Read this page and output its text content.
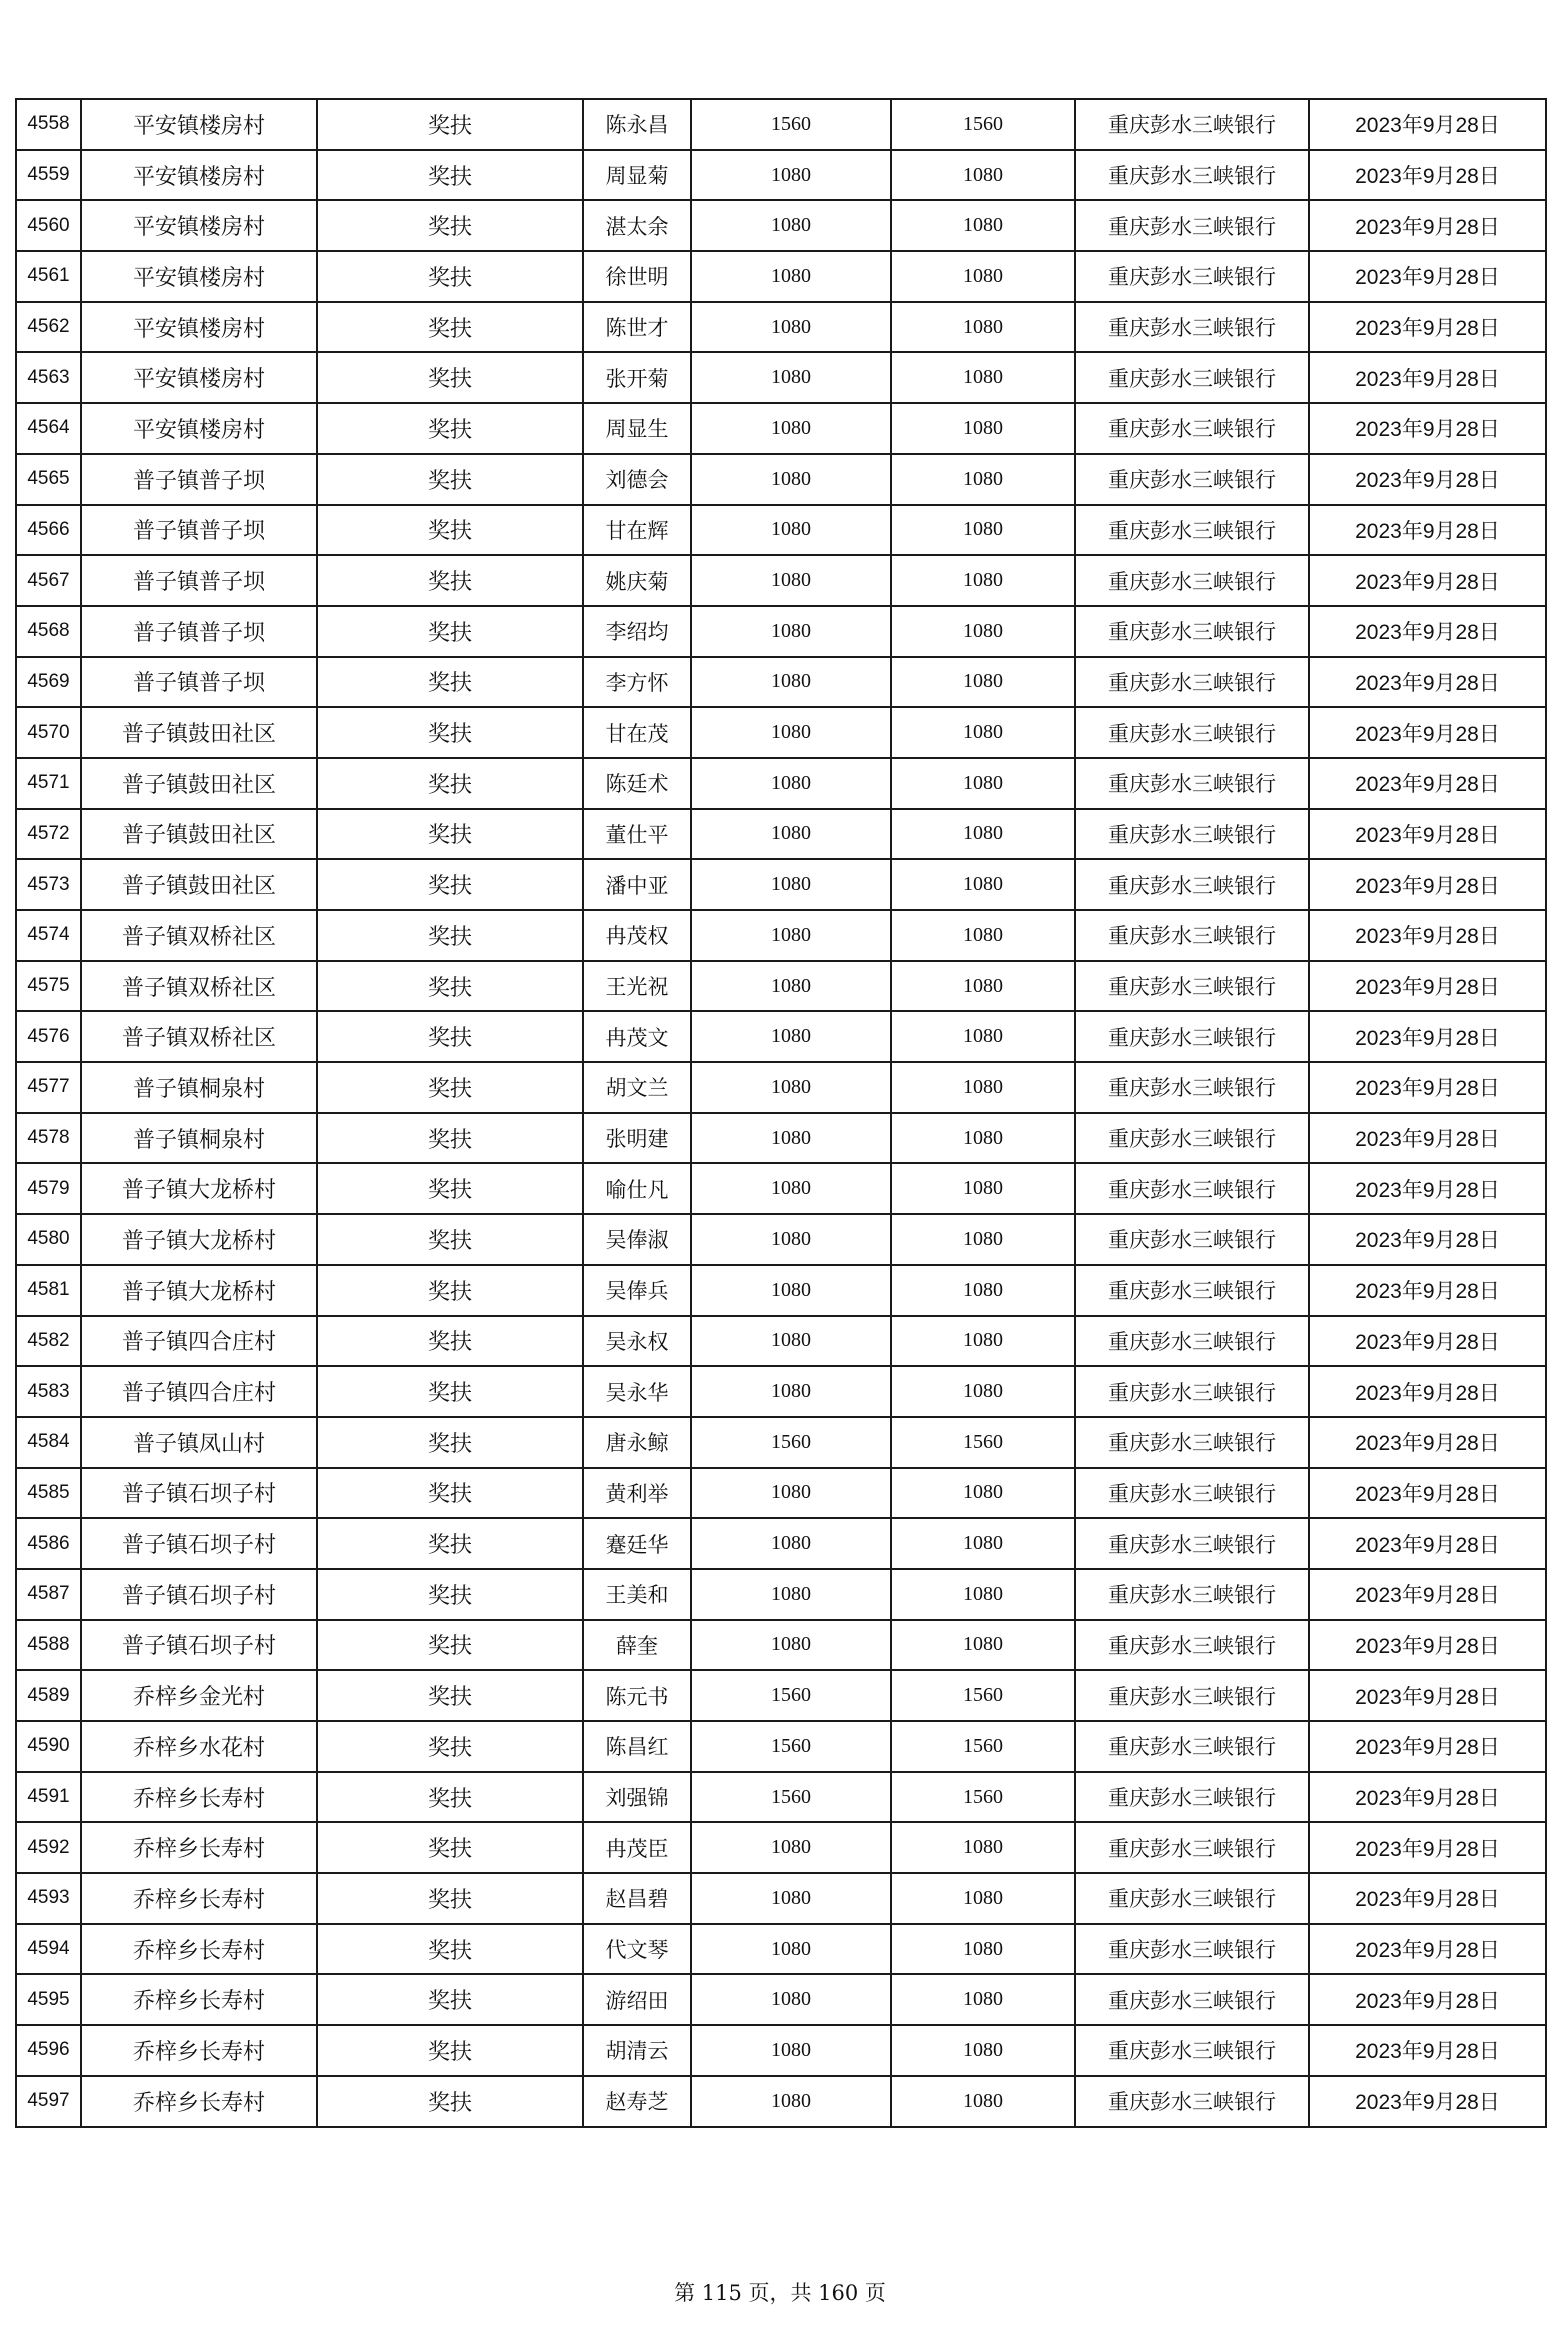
4558	平安镇楼房村	奖扶	陈永昌	1560	1560	重庆彭水三峡银行	2023年9月28日
4559	平安镇楼房村	奖扶	周显菊	1080	1080	重庆彭水三峡银行	2023年9月28日
4560	平安镇楼房村	奖扶	湛太余	1080	1080	重庆彭水三峡银行	2023年9月28日
4561	平安镇楼房村	奖扶	徐世明	1080	1080	重庆彭水三峡银行	2023年9月28日
4562	平安镇楼房村	奖扶	陈世才	1080	1080	重庆彭水三峡银行	2023年9月28日
4563	平安镇楼房村	奖扶	张开菊	1080	1080	重庆彭水三峡银行	2023年9月28日
4564	平安镇楼房村	奖扶	周显生	1080	1080	重庆彭水三峡银行	2023年9月28日
4565	普子镇普子坝	奖扶	刘德会	1080	1080	重庆彭水三峡银行	2023年9月28日
4566	普子镇普子坝	奖扶	甘在辉	1080	1080	重庆彭水三峡银行	2023年9月28日
4567	普子镇普子坝	奖扶	姚庆菊	1080	1080	重庆彭水三峡银行	2023年9月28日
4568	普子镇普子坝	奖扶	李绍均	1080	1080	重庆彭水三峡银行	2023年9月28日
4569	普子镇普子坝	奖扶	李方怀	1080	1080	重庆彭水三峡银行	2023年9月28日
4570	普子镇鼓田社区	奖扶	甘在茂	1080	1080	重庆彭水三峡银行	2023年9月28日
4571	普子镇鼓田社区	奖扶	陈廷术	1080	1080	重庆彭水三峡银行	2023年9月28日
4572	普子镇鼓田社区	奖扶	董仕平	1080	1080	重庆彭水三峡银行	2023年9月28日
4573	普子镇鼓田社区	奖扶	潘中亚	1080	1080	重庆彭水三峡银行	2023年9月28日
4574	普子镇双桥社区	奖扶	冉茂权	1080	1080	重庆彭水三峡银行	2023年9月28日
4575	普子镇双桥社区	奖扶	王光祝	1080	1080	重庆彭水三峡银行	2023年9月28日
4576	普子镇双桥社区	奖扶	冉茂文	1080	1080	重庆彭水三峡银行	2023年9月28日
4577	普子镇桐泉村	奖扶	胡文兰	1080	1080	重庆彭水三峡银行	2023年9月28日
4578	普子镇桐泉村	奖扶	张明建	1080	1080	重庆彭水三峡银行	2023年9月28日
4579	普子镇大龙桥村	奖扶	喻仕凡	1080	1080	重庆彭水三峡银行	2023年9月28日
4580	普子镇大龙桥村	奖扶	吴俸淑	1080	1080	重庆彭水三峡银行	2023年9月28日
4581	普子镇大龙桥村	奖扶	吴俸兵	1080	1080	重庆彭水三峡银行	2023年9月28日
4582	普子镇四合庄村	奖扶	吴永权	1080	1080	重庆彭水三峡银行	2023年9月28日
4583	普子镇四合庄村	奖扶	吴永华	1080	1080	重庆彭水三峡银行	2023年9月28日
4584	普子镇凤山村	奖扶	唐永鲸	1560	1560	重庆彭水三峡银行	2023年9月28日
4585	普子镇石坝子村	奖扶	黄利举	1080	1080	重庆彭水三峡银行	2023年9月28日
4586	普子镇石坝子村	奖扶	蹇廷华	1080	1080	重庆彭水三峡银行	2023年9月28日
4587	普子镇石坝子村	奖扶	王美和	1080	1080	重庆彭水三峡银行	2023年9月28日
4588	普子镇石坝子村	奖扶	薛奎	1080	1080	重庆彭水三峡银行	2023年9月28日
4589	乔梓乡金光村	奖扶	陈元书	1560	1560	重庆彭水三峡银行	2023年9月28日
4590	乔梓乡水花村	奖扶	陈昌红	1560	1560	重庆彭水三峡银行	2023年9月28日
4591	乔梓乡长寿村	奖扶	刘强锦	1560	1560	重庆彭水三峡银行	2023年9月28日
4592	乔梓乡长寿村	奖扶	冉茂臣	1080	1080	重庆彭水三峡银行	2023年9月28日
4593	乔梓乡长寿村	奖扶	赵昌碧	1080	1080	重庆彭水三峡银行	2023年9月28日
4594	乔梓乡长寿村	奖扶	代文琴	1080	1080	重庆彭水三峡银行	2023年9月28日
4595	乔梓乡长寿村	奖扶	游绍田	1080	1080	重庆彭水三峡银行	2023年9月28日
4596	乔梓乡长寿村	奖扶	胡清云	1080	1080	重庆彭水三峡银行	2023年9月28日
4597	乔梓乡长寿村	奖扶	赵寿芝	1080	1080	重庆彭水三峡银行	2023年9月28日
第 115 页，共 160 页
